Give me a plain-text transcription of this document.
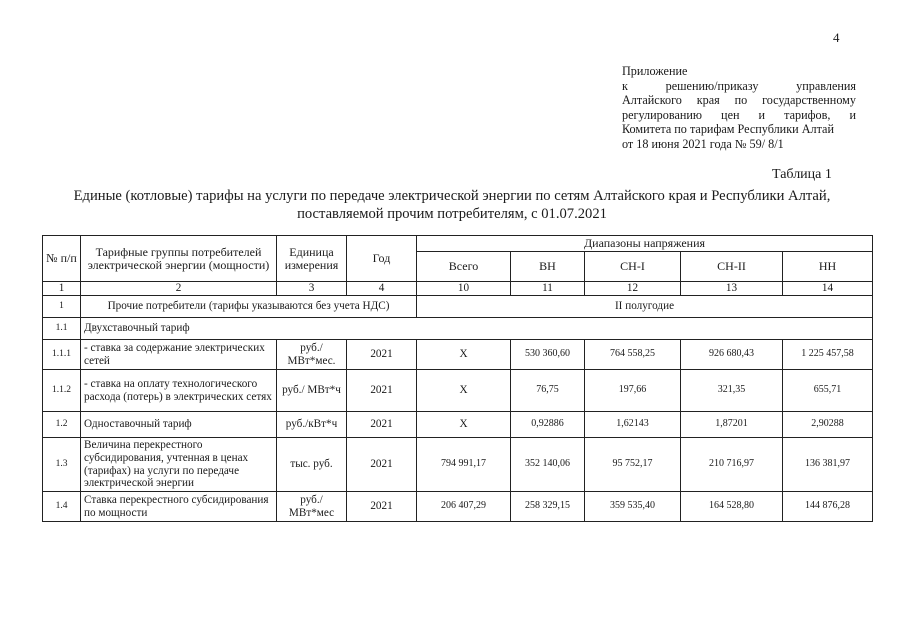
4
Приложение
к решению/приказу управления
Алтайского края по государственному
регулированию цен и тарифов, и
Комитета по тарифам Республики Алтай
от 18 июня 2021 года № 59/ 8/1
Таблица 1
Единые (котловые) тарифы на услуги по передаче электрической энергии по сетям Алтайского края и Республики Алтай,
поставляемой прочим потребителям, с 01.07.2021
№ п/п	Тарифные группы потребителей электрической энергии (мощности)	Единица измерения	Год	Диапазоны напряжения				
				Всего	ВН	СН-I	СН-II	НН
1	2	3	4	10	11	12	13	14
1	Прочие потребители (тарифы указываются без учета НДС)			II полугодие				
1.1	Двухставочный тариф							
1.1.1	- ставка за содержание электрических сетей	руб./ МВт*мес.	2021	Х	530 360,60	764 558,25	926 680,43	1 225 457,58
1.1.2	- ставка на оплату технологического расхода (потерь) в электрических сетях	руб./ МВт*ч	2021	Х	76,75	197,66	321,35	655,71
1.2	Одноставочный тариф	руб./кВт*ч	2021	Х	0,92886	1,62143	1,87201	2,90288
1.3	Величина перекрестного субсидирования, учтенная в ценах (тарифах) на услуги по передаче электрической энергии	тыс. руб.	2021	794 991,17	352 140,06	95 752,17	210 716,97	136 381,97
1.4	Ставка перекрестного субсидирования по мощности	руб./МВт*мес	2021	206 407,29	258 329,15	359 535,40	164 528,80	144 876,28
